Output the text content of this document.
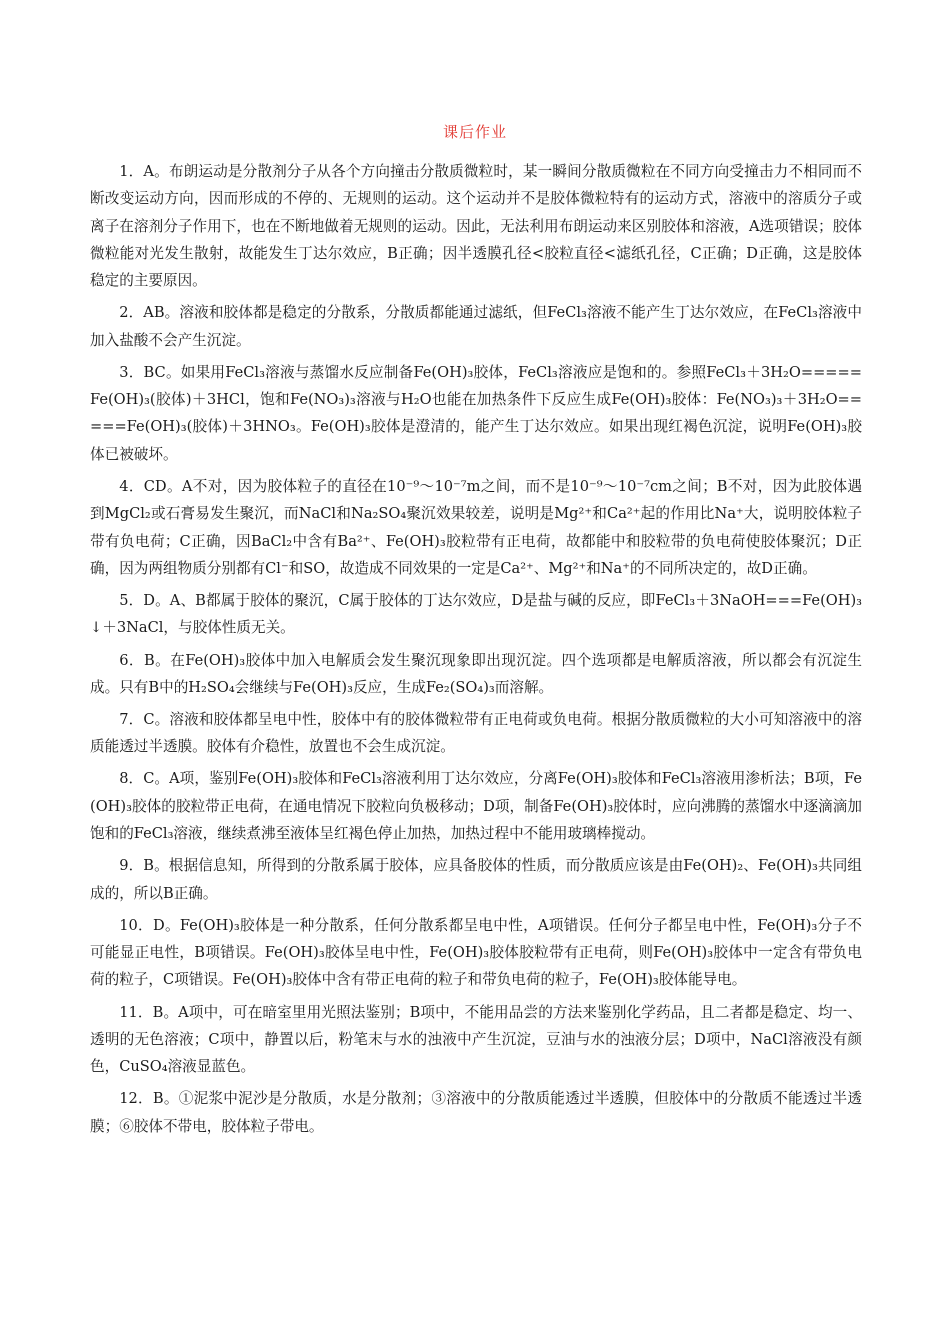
课后作业

1．A。布朗运动是分散剂分子从各个方向撞击分散质微粒时，某一瞬间分散质微粒在不同方向受撞击力不相同而不断改变运动方向，因而形成的不停的、无规则的运动。这个运动并不是胶体微粒特有的运动方式，溶液中的溶质分子或离子在溶剂分子作用下，也在不断地做着无规则的运动。因此，无法利用布朗运动来区别胶体和溶液，A选项错误；胶体微粒能对光发生散射，故能发生丁达尔效应，B正确；因半透膜孔径<胶粒直径<滤纸孔径，C正确；D正确，这是胶体稳定的主要原因。

2．AB。溶液和胶体都是稳定的分散系，分散质都能通过滤纸，但FeCl₃溶液不能产生丁达尔效应，在FeCl₃溶液中加入盐酸不会产生沉淀。

3．BC。如果用FeCl₃溶液与蒸馏水反应制备Fe(OH)₃胶体，FeCl₃溶液应是饱和的。参照FeCl₃＋3H₂O=====Fe(OH)₃(胶体)＋3HCl，饱和Fe(NO₃)₃溶液与H₂O也能在加热条件下反应生成Fe(OH)₃胶体：Fe(NO₃)₃＋3H₂O=====Fe(OH)₃(胶体)＋3HNO₃。Fe(OH)₃胶体是澄清的，能产生丁达尔效应。如果出现红褐色沉淀，说明Fe(OH)₃胶体已被破坏。

4．CD。A不对，因为胶体粒子的直径在10⁻⁹～10⁻⁷m之间，而不是10⁻⁹～10⁻⁷cm之间；B不对，因为此胶体遇到MgCl₂或石膏易发生聚沉，而NaCl和Na₂SO₄聚沉效果较差，说明是Mg²⁺和Ca²⁺起的作用比Na⁺大，说明胶体粒子带有负电荷；C正确，因BaCl₂中含有Ba²⁺、Fe(OH)₃胶粒带有正电荷，故都能中和胶粒带的负电荷使胶体聚沉；D正确，因为两组物质分别都有Cl⁻和SO，故造成不同效果的一定是Ca²⁺、Mg²⁺和Na⁺的不同所决定的，故D正确。

5．D。A、B都属于胶体的聚沉，C属于胶体的丁达尔效应，D是盐与碱的反应，即FeCl₃＋3NaOH===Fe(OH)₃↓＋3NaCl，与胶体性质无关。

6．B。在Fe(OH)₃胶体中加入电解质会发生聚沉现象即出现沉淀。四个选项都是电解质溶液，所以都会有沉淀生成。只有B中的H₂SO₄会继续与Fe(OH)₃反应，生成Fe₂(SO₄)₃而溶解。

7．C。溶液和胶体都呈电中性，胶体中有的胶体微粒带有正电荷或负电荷。根据分散质微粒的大小可知溶液中的溶质能透过半透膜。胶体有介稳性，放置也不会生成沉淀。

8．C。A项，鉴别Fe(OH)₃胶体和FeCl₃溶液利用丁达尔效应，分离Fe(OH)₃胶体和FeCl₃溶液用渗析法；B项，Fe(OH)₃胶体的胶粒带正电荷，在通电情况下胶粒向负极移动；D项，制备Fe(OH)₃胶体时，应向沸腾的蒸馏水中逐滴滴加饱和的FeCl₃溶液，继续煮沸至液体呈红褐色停止加热，加热过程中不能用玻璃棒搅动。

9．B。根据信息知，所得到的分散系属于胶体，应具备胶体的性质，而分散质应该是由Fe(OH)₂、Fe(OH)₃共同组成的，所以B正确。

10．D。Fe(OH)₃胶体是一种分散系，任何分散系都呈电中性，A项错误。任何分子都呈电中性，Fe(OH)₃分子不可能显正电性，B项错误。Fe(OH)₃胶体呈电中性，Fe(OH)₃胶体胶粒带有正电荷，则Fe(OH)₃胶体中一定含有带负电荷的粒子，C项错误。Fe(OH)₃胶体中含有带正电荷的粒子和带负电荷的粒子，Fe(OH)₃胶体能导电。

11．B。A项中，可在暗室里用光照法鉴别；B项中，不能用品尝的方法来鉴别化学药品，且二者都是稳定、均一、透明的无色溶液；C项中，静置以后，粉笔末与水的浊液中产生沉淀，豆油与水的浊液分层；D项中，NaCl溶液没有颜色，CuSO₄溶液显蓝色。

12．B。①泥浆中泥沙是分散质，水是分散剂；③溶液中的分散质能透过半透膜，但胶体中的分散质不能透过半透膜；⑥胶体不带电，胶体粒子带电。
